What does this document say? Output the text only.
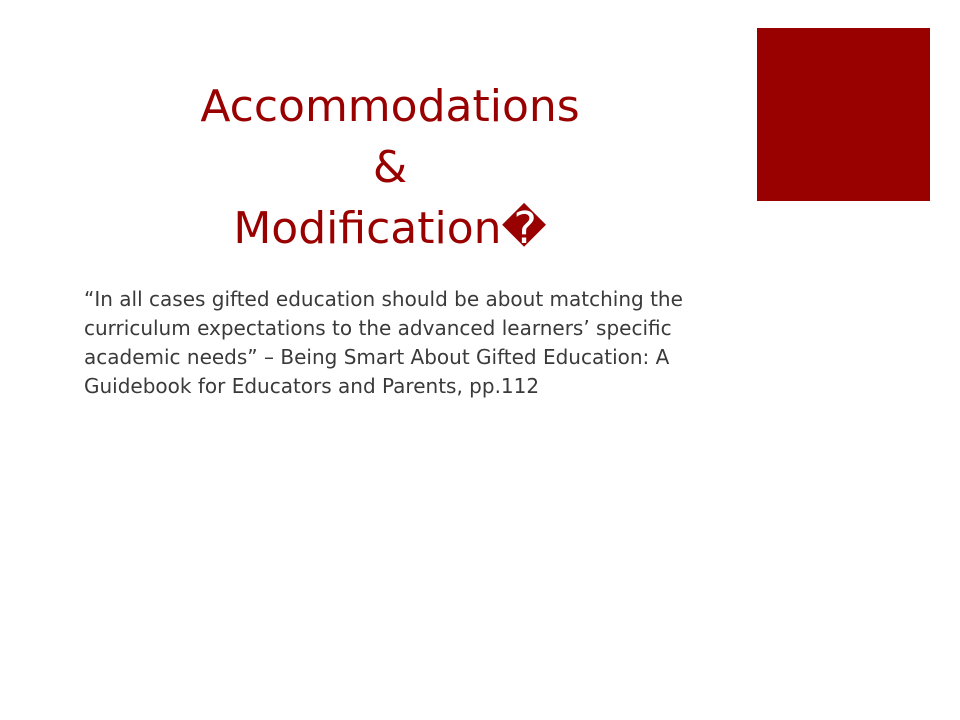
Accommodations
&
Modification�

“In all cases gifted education should be about matching the curriculum expectations to the advanced learners’ specific academic needs” – Being Smart About Gifted Education: A Guidebook for Educators and Parents, pp.112
